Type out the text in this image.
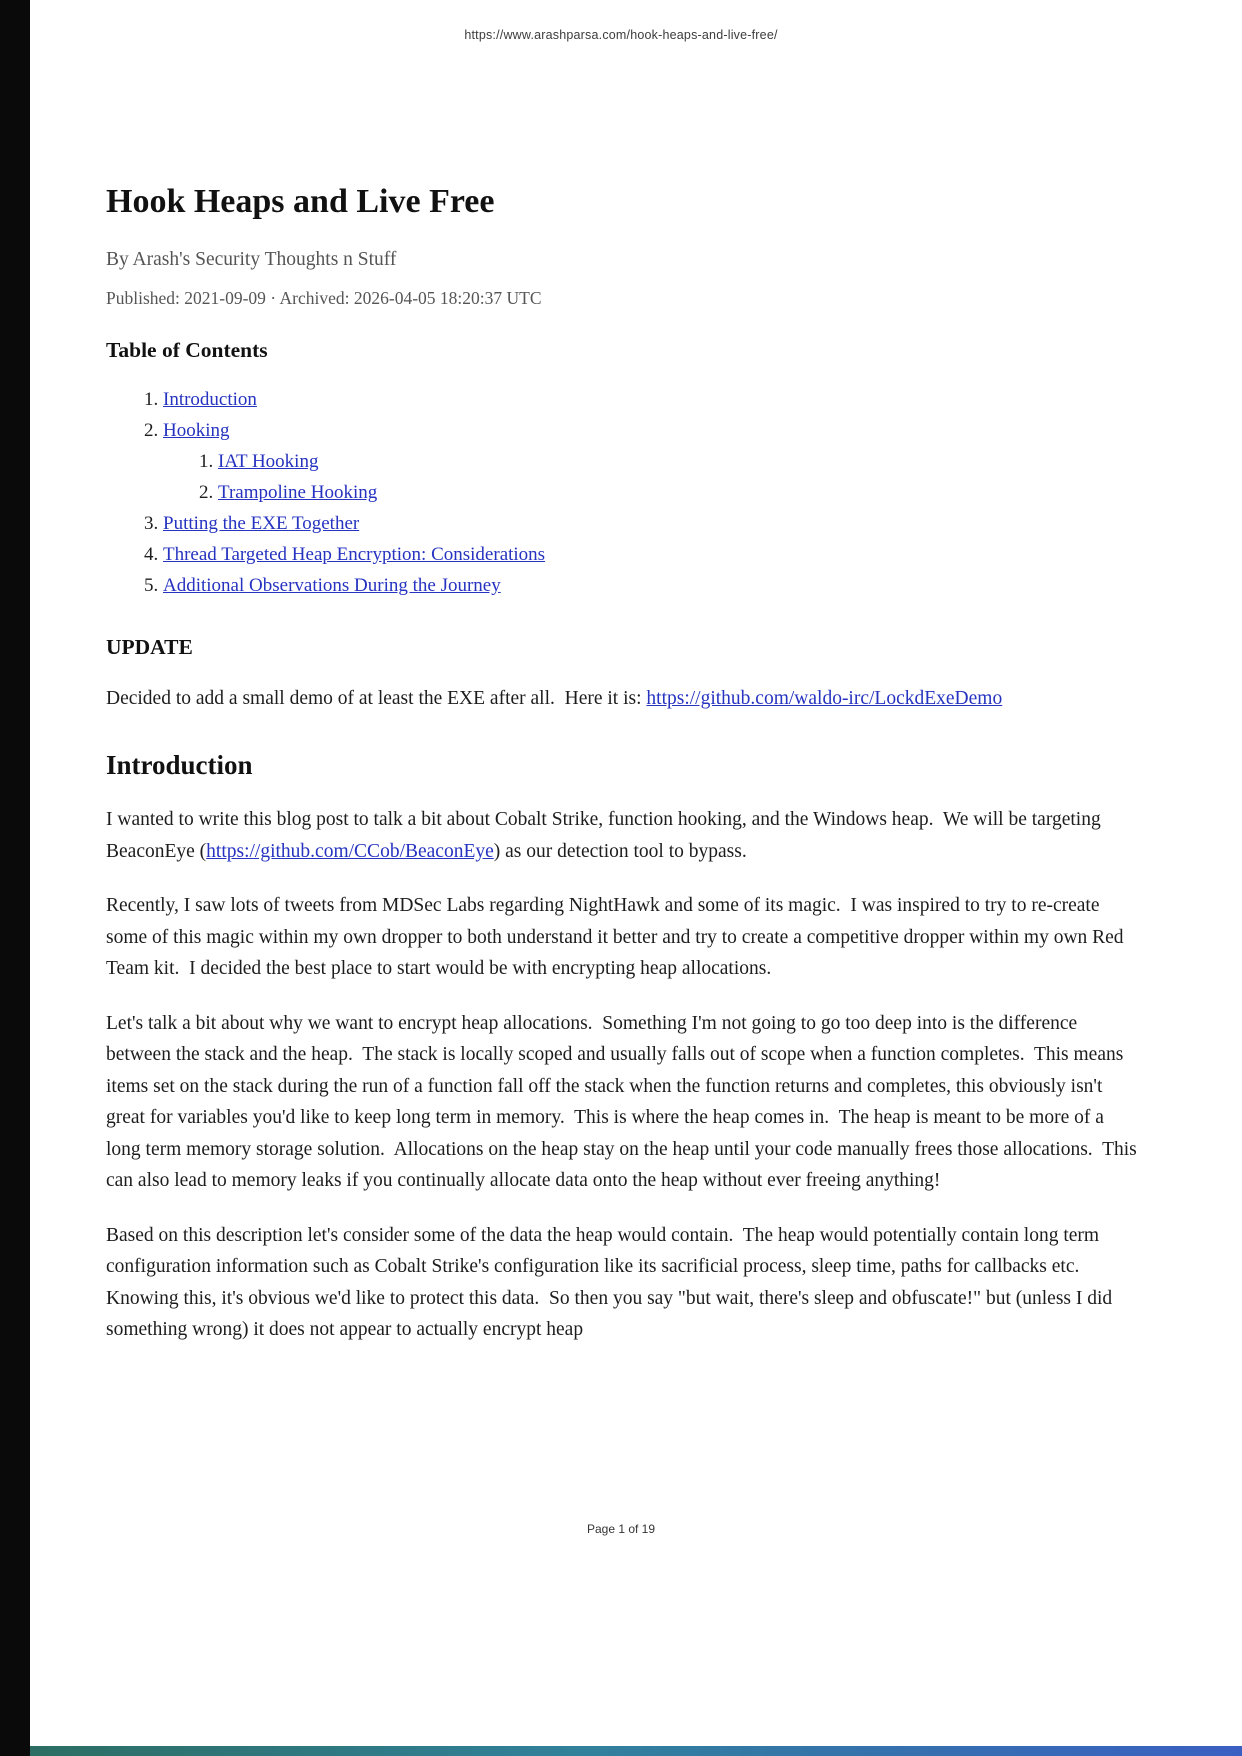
https://www.arashparsa.com/hook-heaps-and-live-free/
Hook Heaps and Live Free

By Arash's Security Thoughts n Stuff

Published: 2021-09-09 · Archived: 2026-04-05 18:20:37 UTC

Table of Contents
1. Introduction
2. Hooking
1. IAT Hooking
2. Trampoline Hooking
3. Putting the EXE Together
4. Thread Targeted Heap Encryption: Considerations
5. Additional Observations During the Journey
UPDATE

Decided to add a small demo of at least the EXE after all.  Here it is: https://github.com/waldo-irc/LockdExeDemo

Introduction

I wanted to write this blog post to talk a bit about Cobalt Strike, function hooking, and the Windows heap.  We will be targeting BeaconEye (https://github.com/CCob/BeaconEye) as our detection tool to bypass.

Recently, I saw lots of tweets from MDSec Labs regarding NightHawk and some of its magic.  I was inspired to try to re-create some of this magic within my own dropper to both understand it better and try to create a competitive dropper within my own Red Team kit.  I decided the best place to start would be with encrypting heap allocations.

Let's talk a bit about why we want to encrypt heap allocations.  Something I'm not going to go too deep into is the difference between the stack and the heap.  The stack is locally scoped and usually falls out of scope when a function completes.  This means items set on the stack during the run of a function fall off the stack when the function returns and completes, this obviously isn't great for variables you'd like to keep long term in memory.  This is where the heap comes in.  The heap is meant to be more of a long term memory storage solution.  Allocations on the heap stay on the heap until your code manually frees those allocations.  This can also lead to memory leaks if you continually allocate data onto the heap without ever freeing anything!

Based on this description let's consider some of the data the heap would contain.  The heap would potentially contain long term configuration information such as Cobalt Strike's configuration like its sacrificial process, sleep time, paths for callbacks etc.  Knowing this, it's obvious we'd like to protect this data.  So then you say "but wait, there's sleep and obfuscate!" but (unless I did something wrong) it does not appear to actually encrypt heap

Page 1 of 19
